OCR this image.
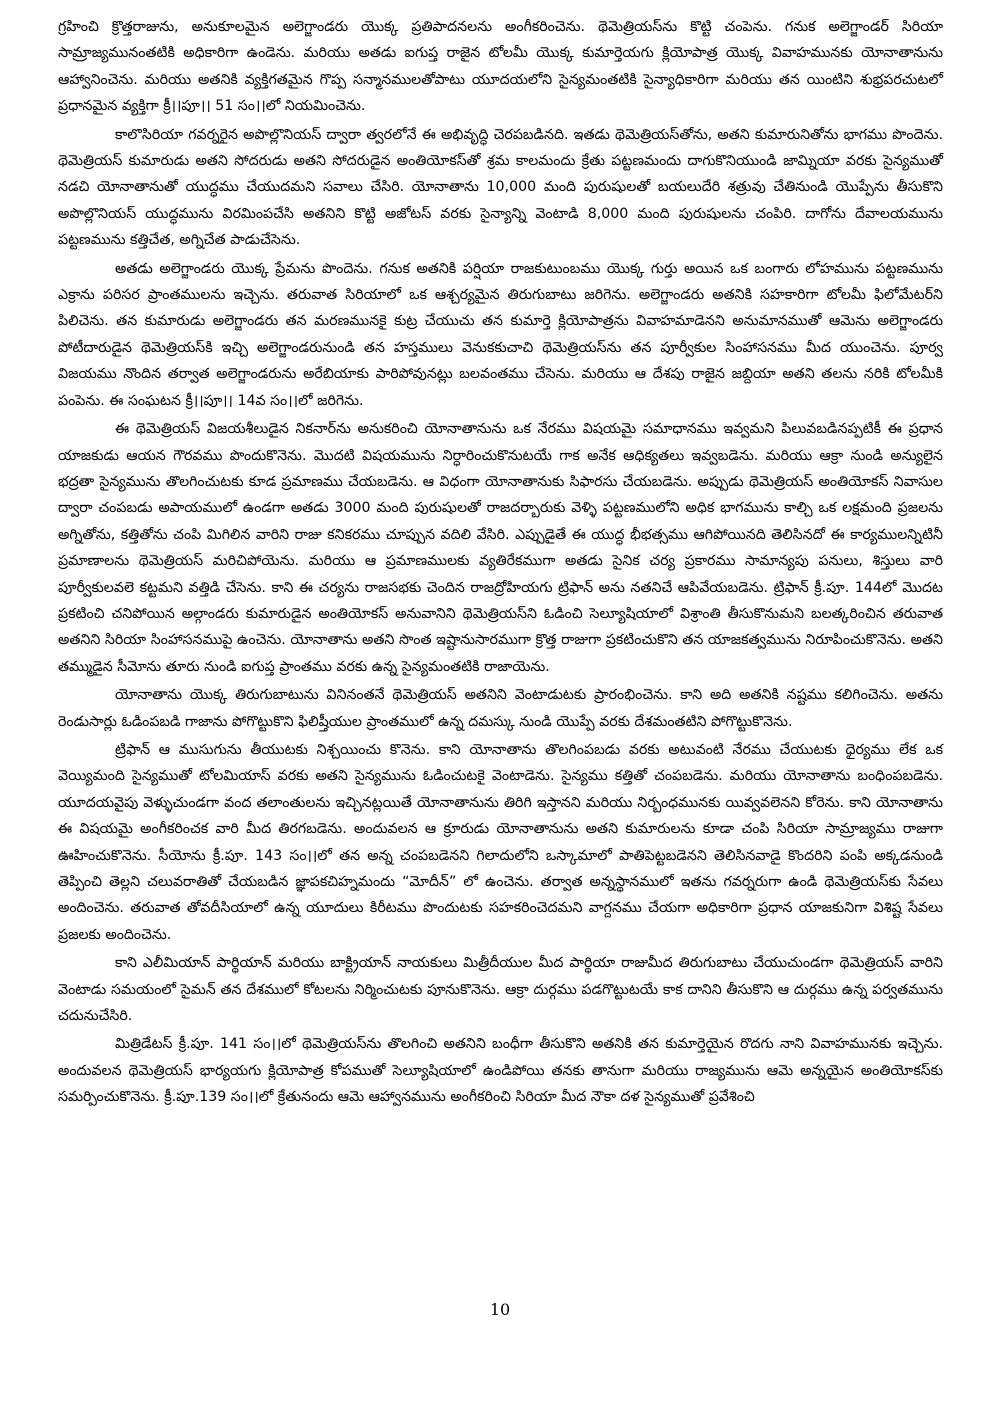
గ్రహించి క్రొత్తరాజును, అనుకూలమైన అలెగ్జాండరు యొక్క ప్రతిపాదనలను అంగీకరించెను. థెమెత్రియస్‌ను కొట్టి చంపెను. గనుక అలెగ్జాండర్ సిరియా సామ్రాజ్యమునంతటికి అధికారిగా ఉండెను. మరియు అతడు ఐగుప్త రాజైన టోలమీ యొక్క కుమార్తెయగు క్లియోపాత్ర యొక్క వివాహమునకు యోనాతానును ఆహ్వానించెను. మరియు అతనికి వ్యక్తిగతమైన గొప్ప సన్మానములతోపాటు యూదయలోని సైన్యమంతటికి సైన్యాధికారిగా మరియు తన యింటిని శుభ్రపరచుటలో ప్రధానమైన వ్యక్తిగా క్రీ।।పూ।। 51 సం।।లో నియమించెను.

కాలొసిరియా గవర్నరైన అపొల్లొనియస్ ద్వారా త్వరలోనే ఈ అభివృద్ధి చెరపబడినది. ఇతడు థెమెత్రియస్‌తోను, అతని కుమారునితోను భాగము పొందెను. థెమెత్రియస్ కుమారుడు అతని సోదరుడు అతని సోదరుడైన అంతియోకస్‌తో శ్రమ కాలమందు క్రేతు పట్టణమందు దాగుకొనియుండి జామ్నియా వరకు సైన్యముతో నడచి యోనాతానుతో యుద్ధము చేయుదమని సవాలు చేసిరి. యోనాతాను 10,000 మంది పురుషులతో బయలుదేరి శత్రువు చేతినుండి యొప్పేను తీసుకొని అపొల్లొనియస్ యుద్ధమును విరమింపచేసి అతనిని కొట్టి అజోటస్ వరకు సైన్యాన్ని వెంటాడి 8,000 మంది పురుషులను చంపిరి. దాగోను దేవాలయమును పట్టణమును కత్తిచేత, అగ్నిచేత పాడుచేసెను.

అతడు అలెగ్జాండరు యొక్క ప్రేమను పొందెను. గనుక అతనికి పర్షియా రాజకుటుంబము యొక్క గుర్తు అయిన ఒక బంగారు లోహమును పట్టణమును ఎక్రాను పరిసర ప్రాంతములను ఇచ్చెను. తరువాత సిరియాలో ఒక ఆశ్చర్యమైన తిరుగుబాటు జరిగెను. అలెగ్జాండరు అతనికి సహకారిగా టోలమీ ఫిలోమేటర్‌ని పిలిచెను. తన కుమారుడు అలెగ్జాండరు తన మరణమునకై కుట్ర చేయుచు తన కుమార్తె క్లియోపాత్రను వివాహమాడెనని అనుమానముతో ఆమెను అలెగ్జాండరు పోటీదారుడైన థెమెత్రియస్‌కి ఇచ్చి అలెగ్జాండరునుండి తన హస్తములు వెనుకకుచాచి థెమెత్రియస్‌ను తన పూర్వీకుల సింహాసనము మీద యుంచెను. పూర్వ విజయము నొందిన తర్వాత అలెగ్జాండరును అరేబియాకు పారిపోవునట్లు బలవంతము చేసెను. మరియు ఆ దేశపు రాజైన జబ్దియా అతని తలను నరికి టోలమీకి పంపెను. ఈ సంఘటన క్రీ।।పూ।। 14వ సం।।లో జరిగెను.

ఈ థెమెత్రియస్ విజయశీలుడైన నికనార్‌ను అనుకరించి యోనాతానును ఒక నేరము విషయమై సమాధానము ఇవ్వమని పిలువబడినప్పటికీ ఈ ప్రధాన యాజకుడు ఆయన గౌరవము పొందుకొనెను. మొదటి విషయమును నిర్ధారించుకొనుటయే గాక అనేక ఆధిక్యతలు ఇవ్వబడెను. మరియు ఆక్రా నుండి అన్యులైన భద్రతా సైన్యమును తొలగించుటకు కూడ ప్రమాణము చేయబడెను. ఆ విధంగా యోనాతానుకు సిఫారసు చేయబడెను. అప్పుడు థెమెత్రియస్ అంతియోకస్ నివాసుల ద్వారా చంపబడు అపాయములో ఉండగా అతడు 3000 మంది పురుషులతో రాజదర్బారుకు వెళ్ళి పట్టణములోని అధిక భాగమును కాల్చి ఒక లక్షమంది ప్రజలను అగ్నితోను, కత్తితోను చంపి మిగిలిన వారిని రాజు కనికరము చూప్పున వదిలి వేసిరి. ఎప్పుడైతే ఈ యుద్ధ భీభత్సము ఆగిపోయినది తెలిసినదో ఈ కార్యములన్నిటినీ ప్రమాణాలను థెమెత్రియస్ మరిచిపోయెను. మరియు ఆ ప్రమాణములకు వ్యతిరేకముగా అతడు సైనిక చర్య ప్రకారము సామాన్యపు పనులు, శిస్తులు వారి పూర్వీకులవలె కట్టమని వత్తిడి చేసెను. కాని ఈ చర్యను రాజసభకు చెందిన రాజద్రోహియగు ట్రిఫాన్ అను నతనిచే ఆపివేయబడెను. ట్రిఫాన్ క్రీ.పూ. 144లో మొదట ప్రకటించి చనిపోయిన అల్గాండరు కుమారుడైన అంతియోకస్ అనువానిని థెమెత్రియస్‌ని ఓడించి సెల్యూషియాలో విశ్రాంతి తీసుకొనుమని బలత్కరించిన తరువాత అతనిని సిరియా సింహాసనముపై ఉంచెను. యోనాతాను అతని సొంత ఇష్టానుసారముగా క్రొత్త రాజుగా ప్రకటించుకొని తన యాజకత్వమును నిరూపించుకొనెను. అతని తమ్ముడైన సీమోను తూరు నుండి ఐగుప్త ప్రాంతము వరకు ఉన్న సైన్యమంతటికి రాజాయెను.

యోనాతాను యొక్క తిరుగుబాటును వినినంతనే థెమెత్రియస్ అతనిని వెంటాడుటకు ప్రారంభించెను. కాని అది అతనికి నష్టము కలిగించెను. అతను రెండుసార్లు ఓడింపబడి గాజాను పోగొట్టుకొని ఫిలిష్తీయుల ప్రాంతములో ఉన్న దమస్కు నుండి యొప్పే వరకు దేశమంతటిని పోగొట్టుకొనెను.

ట్రిఫాన్ ఆ ముసుగును తీయుటకు నిశ్చయించు కొనెను. కాని యోనాతాను తొలగింపబడు వరకు అటువంటి నేరము చేయుటకు ధైర్యము లేక ఒక వెయ్యిమంది సైన్యముతో టోలమియాస్ వరకు అతని సైన్యమును ఓడించుటకై వెంటాడెను. సైన్యము కత్తితో చంపబడెను. మరియు యోనాతాను బంధింపబడెను. యూదయవైపు వెళ్ళుచుండగా వంద తలాంతులను ఇచ్చినట్లయితే యోనాతానును తిరిగి ఇస్తానని మరియు నిర్బంధమునకు యివ్వవలెనని కోరెను. కాని యోనాతాను ఈ విషయమై అంగీకరించక వారి మీద తిరగబడెను. అందువలన ఆ క్రూరుడు యోనాతానును అతని కుమారులను కూడా చంపి సిరియా సామ్రాజ్యము రాజుగా ఊహించుకొనెను. సీయోను క్రీ.పూ. 143 సం।।లో తన అన్న చంపబడెనని గిలాదులోని ఒస్కామాలో పాతిపెట్టబడెనని తెలిసినవాడై కొందరిని పంపి అక్కడనుండి తెప్పించి తెల్లని చలువరాతితో చేయబడిన జ్ఞాపకచిహ్నమందు “మోదీన్” లో ఉంచెను. తర్వాత అన్నస్థానములో ఇతను గవర్నరుగా ఉండి థెమెత్రియస్‌కు సేవలు అందించెను. తరువాత తోవదీసియాలో ఉన్న యూదులు కిరీటము పొందుటకు సహకరించెదమని వాగ్దనము చేయగా అధికారిగా ప్రధాన యాజకునిగా విశిష్ట సేవలు ప్రజలకు అందించెను.

కాని ఎలీమియాన్ పార్థియాన్ మరియు బాక్ట్రియాన్ నాయకులు మిత్రీదీయుల మీద పార్థియా రాజుమీద తిరుగుబాటు చేయుచుండగా థెమెత్రియస్ వారిని వెంటాడు సమయంలో సైమన్ తన దేశములో కోటలను నిర్మించుటకు పూనుకొనెను. ఆక్రా దుర్గము పడగొట్టుటయే కాక దానిని తీసుకొని ఆ దుర్గము ఉన్న పర్వతమును చదునుచేసిరి.

మిత్రిడేటస్ క్రీ.పూ. 141 సం।।లో థెమెత్రియస్‌ను తొలగించి అతనిని బంధీగా తీసుకొని అతనికి తన కుమార్తెయైన రొదగు నాని వివాహమునకు ఇచ్చెను. అందువలన థెమెత్రియస్ భార్యయగు క్లియోపాత్ర కోపముతో సెల్యూషియాలో ఉండిపోయి తనకు తానుగా మరియు రాజ్యమును ఆమె అన్నయైన అంతియోకస్‌కు సమర్పించుకొనెను. క్రీ.పూ.139 సం।।లో క్రేతునందు ఆమె ఆహ్వానమును అంగీకరించి సిరియా మీద నౌకా దళ సైన్యముతో ప్రవేశించి

10
